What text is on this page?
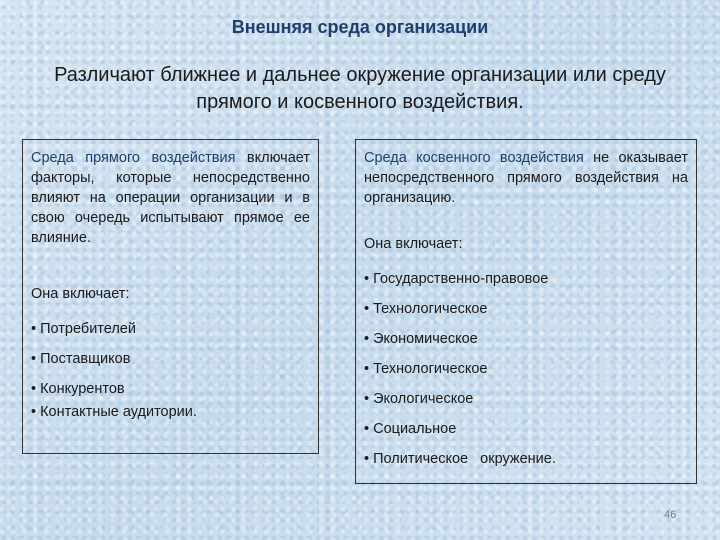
Внешняя среда организации
Различают ближнее и дальнее окружение организации или среду прямого и косвенного воздействия.
Среда прямого воздействия включает факторы, которые непосредственно влияют на операции организации и в свою очередь испытывают прямое ее влияние.
Она включает:
• Потребителей
• Поставщиков
• Конкурентов
• Контактные аудитории.
Среда косвенного воздействия не оказывает непосредственного прямого воздействия на организацию.
Она включает:
• Государственно-правовое
• Технологическое
• Экономическое
• Технологическое
• Экологическое
• Социальное
• Политическое   окружение.
46
